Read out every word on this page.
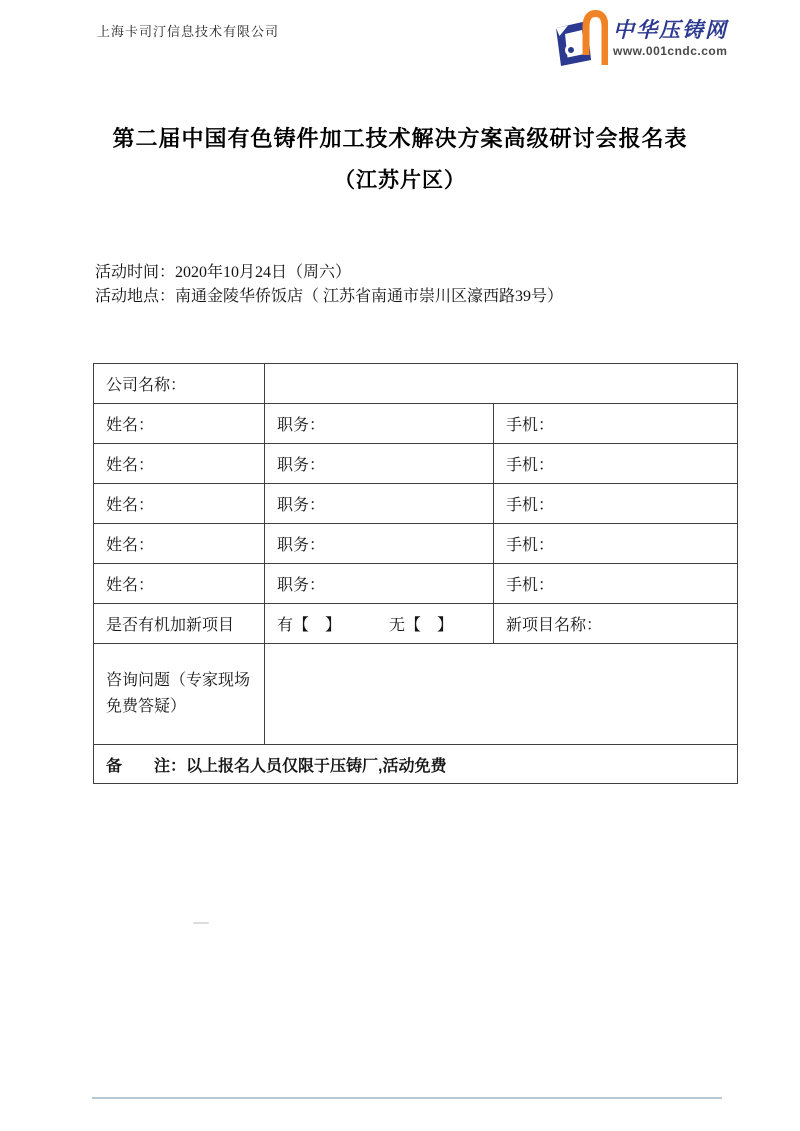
上海卡司汀信息技术有限公司	中华压铸网
www.001cndc.com
第二届中国有色铸件加工技术解决方案高级研讨会报名表
（江苏片区）
活动时间：2020年10月24日（周六）
活动地点：南通金陵华侨饭店（ 江苏省南通市崇川区濠西路39号）
公司名称：		
姓名：	职务：	手机：
姓名：	职务：	手机：
姓名：	职务：	手机：
姓名：	职务：	手机：
姓名：	职务：	手机：
是否有机加新项目	有【　】 无【　】	新项目名称：

咨询问题（专家现场免费答疑）		

备　　注：以上报名人员仅限于压铸厂,活动免费		
